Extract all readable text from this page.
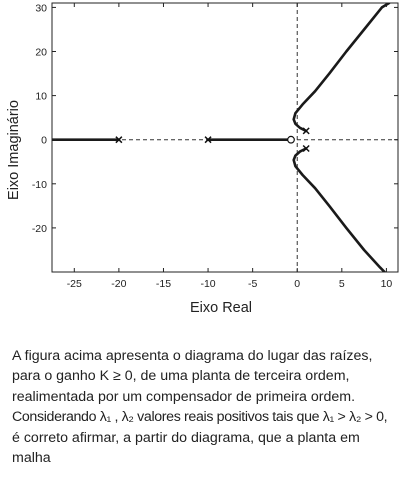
-25	-20	-15	-10	-5	0	5	10
-20
-10
0
10
20
30
Eixo Real
Eixo Imaginário

A figura acima apresenta o diagrama do lugar das raízes,

para o ganho K ≥ 0, de uma planta de terceira ordem,

realimentada por um compensador de primeira ordem.

Considerando λ₁ , λ₂ valores reais positivos tais que λ₁ > λ₂ > 0,

é correto afirmar, a partir do diagrama, que a planta em

malha
